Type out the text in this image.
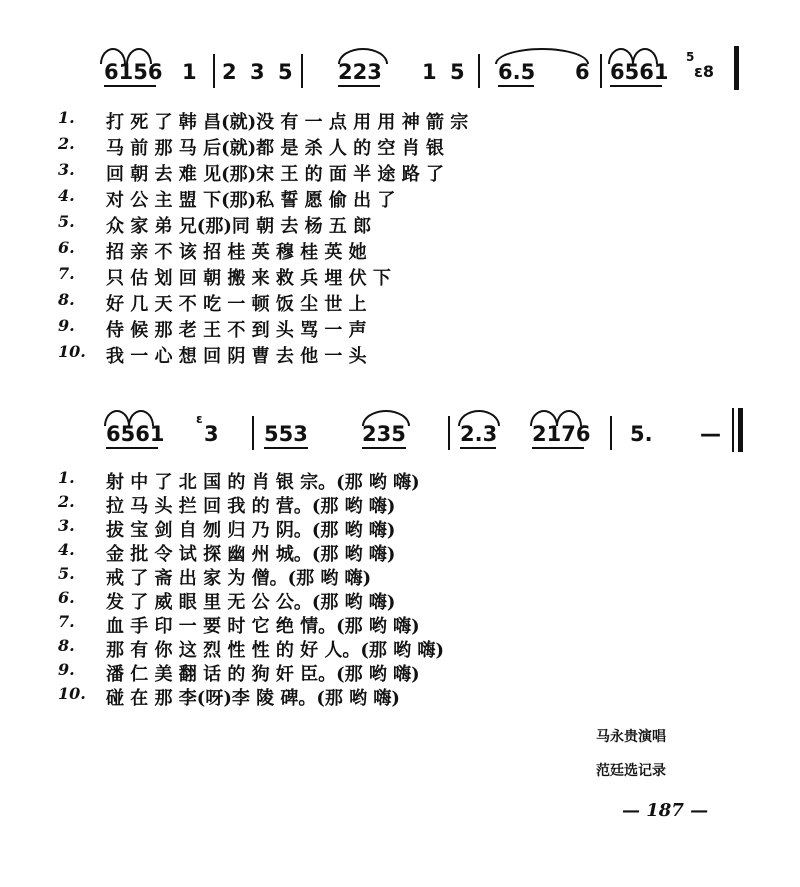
6156 1 2 3 5 223 1 5 6.5 6 6561
5
ε8
1.	打 死 了 韩 昌(就)没 有 一 点 用 用 神 箭 宗
2.	马 前 那 马 后(就)都 是 杀 人 的 空 肖 银
3.	回 朝 去 难 见(那)宋 王 的 面 半 途 路 了
4.	对 公 主 盟 下(那)私 誓 愿 偷 出 了
5.	众 家 弟 兄(那)同 朝 去 杨 五 郎
6.	招 亲 不 该 招 桂 英 穆 桂 英 她
7.	只 估 划 回 朝 搬 来 救 兵 埋 伏 下
8.	好 几 天 不 吃 一 顿 饭 尘 世 上
9.	侍 候 那 老 王 不 到 头 骂 一 声
10.	我 一 心 想 回 阴 曹 去 他 一 头
6561
ε
3 553	235	2.3 2176 5. —
1.	射 中 了 北 国 的 肖 银 宗。(那 哟 嗨)
2.	拉 马 头 拦 回 我 的 营。(那 哟 嗨)
3.	拔 宝 剑 自 刎 归 乃 阴。(那 哟 嗨)
4.	金 批 令 试 探 幽 州 城。(那 哟 嗨)
5.	戒 了 斋 出 家 为 僧。(那 哟 嗨)
6.	发 了 威 眼 里 无 公 公。(那 哟 嗨)
7.	血 手 印 一 要 时 它 绝 情。(那 哟 嗨)
8.	那 有 你 这 烈 性 性 的 好 人。(那 哟 嗨)
9.	潘 仁 美 翻 话 的 狗 奸 臣。(那 哟 嗨)
10.	碰 在 那 李(呀)李 陵 碑。(那 哟 嗨)
马永贵演唱
范廷选记录
— 187 —
